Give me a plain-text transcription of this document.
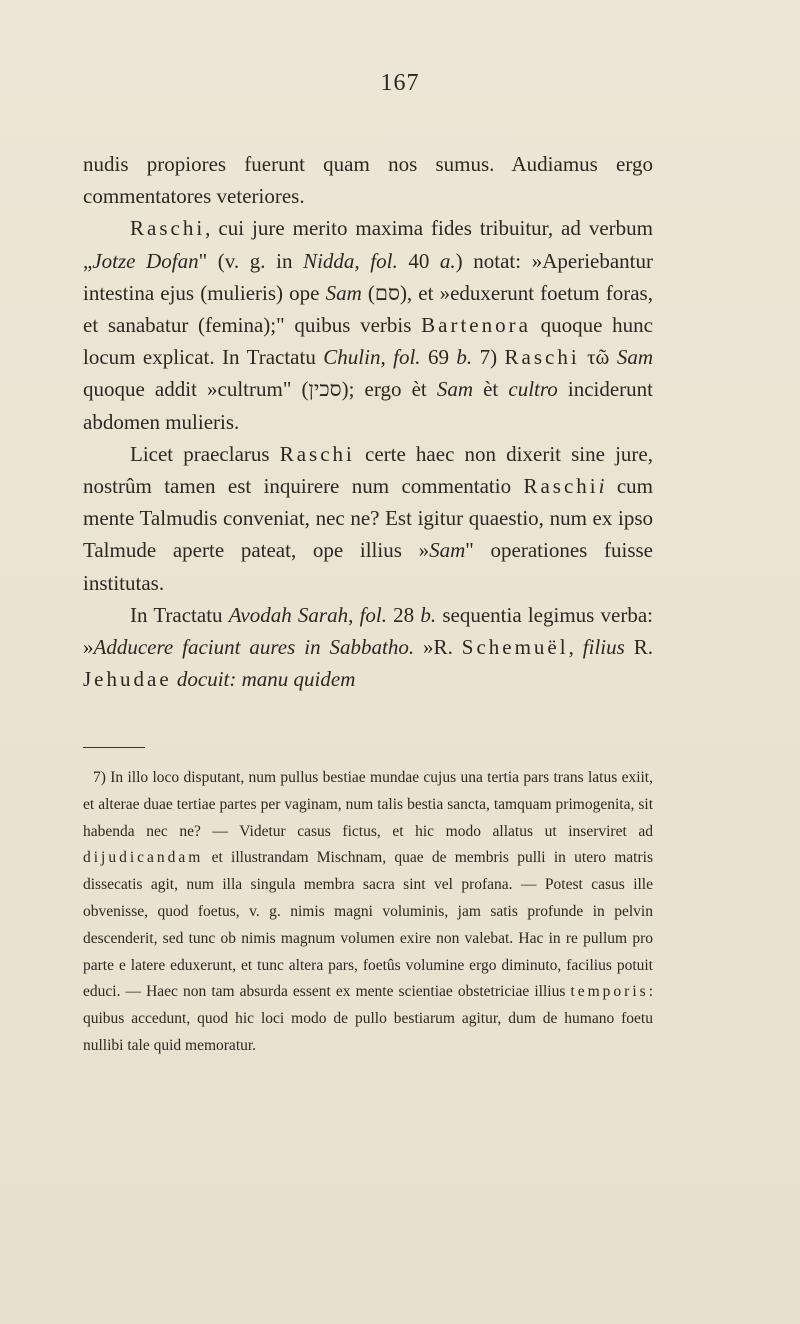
167

nudis propiores fuerunt quam nos sumus. Audiamus ergo commentatores veteriores.

Raschi, cui jure merito maxima fides tribuitur, ad verbum „Jotze Dofan" (v. g. in Nidda, fol. 40 a.) notat: »Aperiebantur intestina ejus (mulieris) ope Sam (סם), et »eduxerunt foetum foras, et sanabatur (femina);" quibus verbis Bartenora quoque hunc locum explicat. In Tractatu Chulin, fol. 69 b. 7) Raschi τῶ Sam quoque addit »cultrum" (סכין); ergo èt Sam èt cultro inciderunt abdomen mulieris.

Licet praeclarus Raschi certe haec non dixerit sine jure, nostrûm tamen est inquirere num commentatio Raschii cum mente Talmudis conveniat, nec ne? Est igitur quaestio, num ex ipso Talmude aperte pateat, ope illius »Sam" operationes fuisse institutas.

In Tractatu Avodah Sarah, fol. 28 b. sequentia legimus verba: »Adducere faciunt aures in Sabbatho. »R. Schemuël, filius R. Jehudae docuit: manu quidem

7) In illo loco disputant, num pullus bestiae mundae cujus una tertia pars trans latus exiit, et alterae duae tertiae partes per vaginam, num talis bestia sancta, tamquam primogenita, sit habenda nec ne? — Videtur casus fictus, et hic modo allatus ut inserviret ad dijudicandam et illustrandam Mischnam, quae de membris pulli in utero matris dissecatis agit, num illa singula membra sacra sint vel profana. — Potest casus ille obvenisse, quod foetus, v. g. nimis magni voluminis, jam satis profunde in pelvin descenderit, sed tunc ob nimis magnum volumen exire non valebat. Hac in re pullum pro parte e latere eduxerunt, et tunc altera pars, foetûs volumine ergo diminuto, facilius potuit educi. — Haec non tam absurda essent ex mente scientiae obstetriciae illius temporis: quibus accedunt, quod hic loci modo de pullo bestiarum agitur, dum de humano foetu nullibi tale quid memoratur.
